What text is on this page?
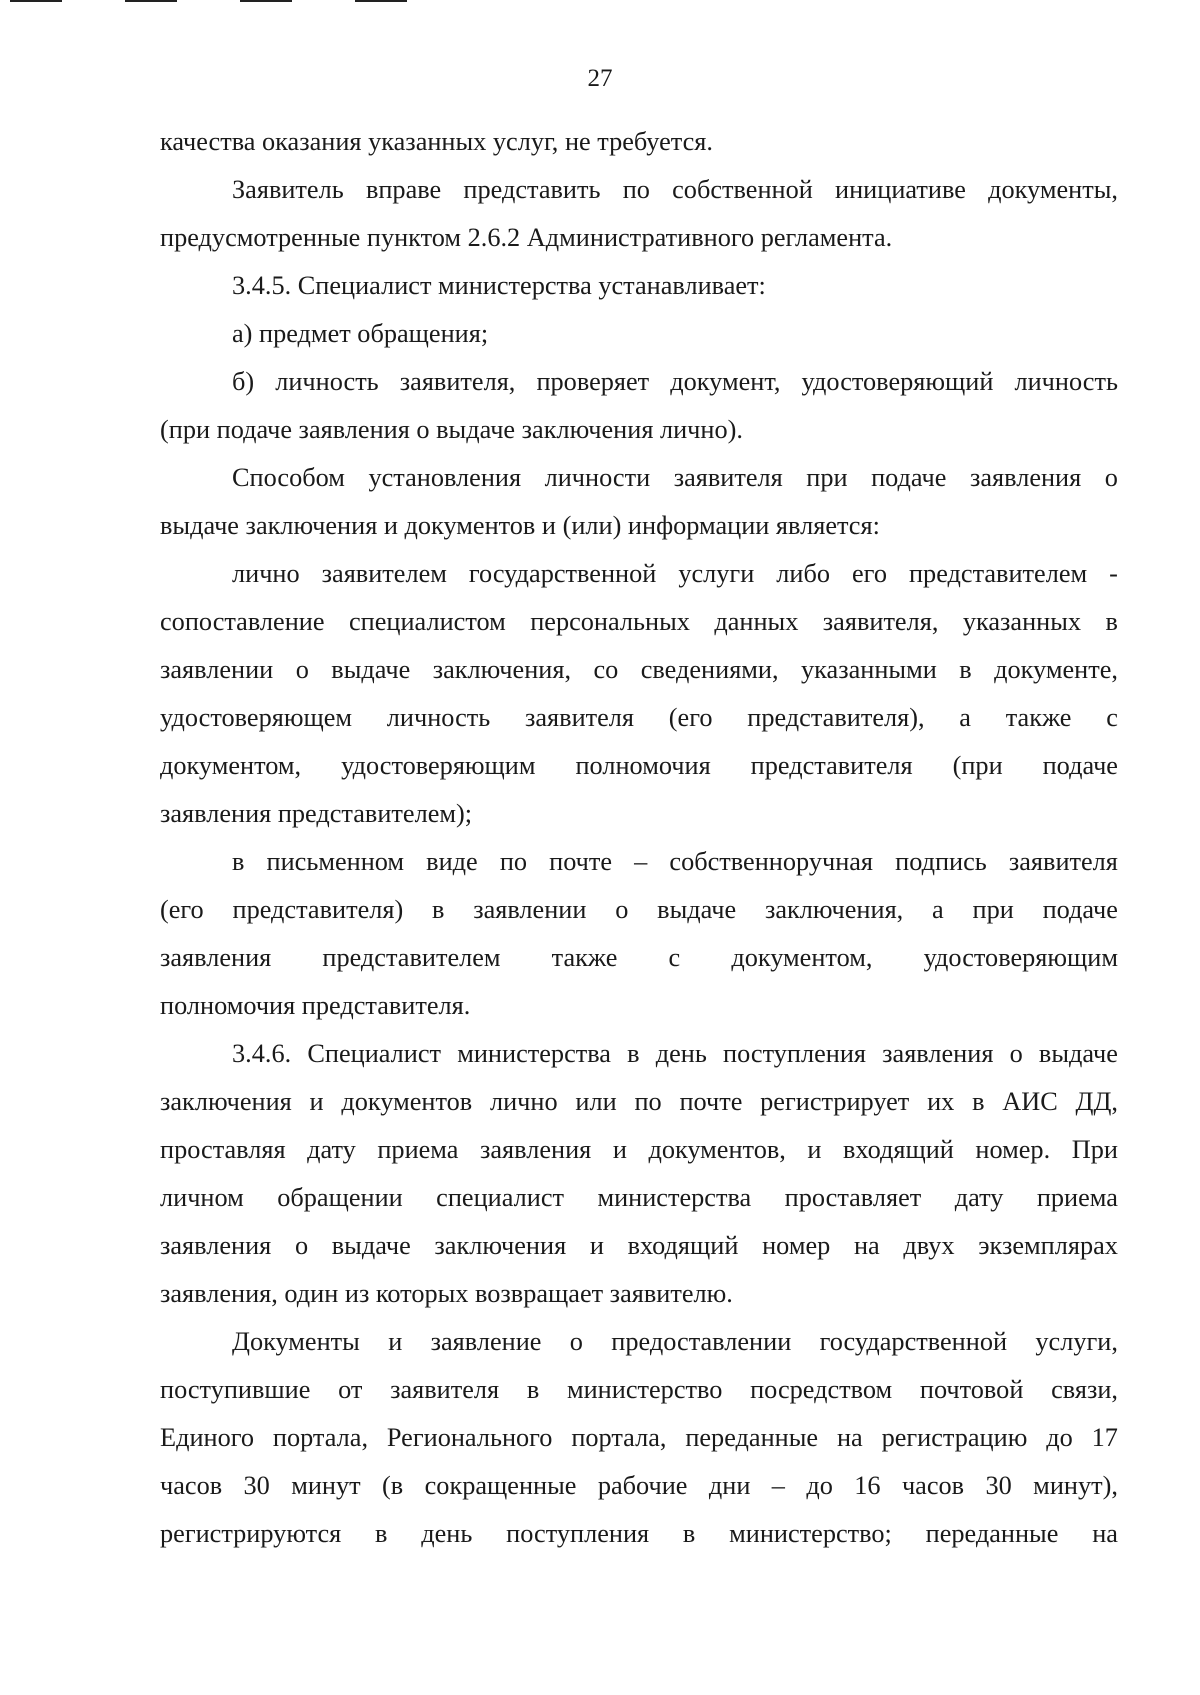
27
качества оказания указанных услуг, не требуется.
Заявитель вправе представить по собственной инициативе документы,
предусмотренные пунктом 2.6.2 Административного регламента.
3.4.5. Специалист министерства устанавливает:
а) предмет обращения;
б) личность заявителя, проверяет документ, удостоверяющий личность
(при подаче заявления о выдаче заключения лично).
Способом установления личности заявителя при подаче заявления о
выдаче заключения и документов и (или) информации является:
лично заявителем государственной услуги либо его представителем -
сопоставление специалистом персональных данных заявителя, указанных в
заявлении о выдаче заключения, со сведениями, указанными в документе,
удостоверяющем личность заявителя (его представителя), а также с
документом, удостоверяющим полномочия представителя (при подаче
заявления представителем);
в письменном виде по почте – собственноручная подпись заявителя
(его представителя) в заявлении о выдаче заключения, а при подаче
заявления представителем также с документом, удостоверяющим
полномочия представителя.
3.4.6. Специалист министерства в день поступления заявления о выдаче
заключения и документов лично или по почте регистрирует их в АИС ДД,
проставляя дату приема заявления и документов, и входящий номер. При
личном обращении специалист министерства проставляет дату приема
заявления о выдаче заключения и входящий номер на двух экземплярах
заявления, один из которых возвращает заявителю.
Документы и заявление о предоставлении государственной услуги,
поступившие от заявителя в министерство посредством почтовой связи,
Единого портала, Регионального портала, переданные на регистрацию до 17
часов 30 минут (в сокращенные рабочие дни – до 16 часов 30 минут),
регистрируются в день поступления в министерство; переданные на
